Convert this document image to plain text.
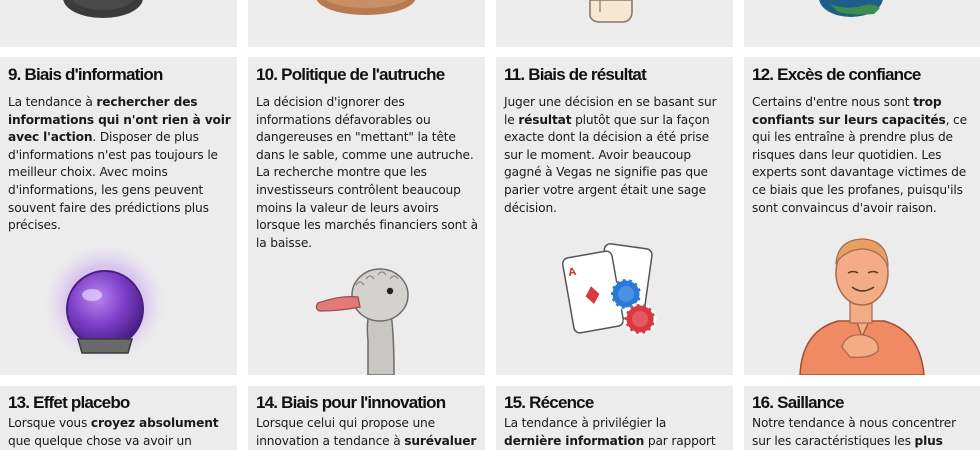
9. Biais d'information
La tendance à rechercher des informations qui n'ont rien à voir avec l'action. Disposer de plus d'informations n'est pas toujours le meilleur choix. Avec moins d'informations, les gens peuvent souvent faire des prédictions plus précises.
10. Politique de l'autruche
La décision d'ignorer des informations défavorables ou dangereuses en "mettant" la tête dans le sable, comme une autruche. La recherche montre que les investisseurs contrôlent beaucoup moins la valeur de leurs avoirs lorsque les marchés financiers sont à la baisse.
11. Biais de résultat
Juger une décision en se basant sur le résultat plutôt que sur la façon exacte dont la décision a été prise sur le moment. Avoir beaucoup gagné à Vegas ne signifie pas que parier votre argent était une sage décision.
A
12. Excès de confiance
Certains d'entre nous sont trop confiants sur leurs capacités, ce qui les entraîne à prendre plus de risques dans leur quotidien. Les experts sont davantage victimes de ce biais que les profanes, puisqu'ils sont convaincus d'avoir raison.
13. Effet placebo
Lorsque vous croyez absolument que quelque chose va avoir un
14. Biais pour l'innovation
Lorsque celui qui propose une innovation a tendance à surévaluer
15. Récence
La tendance à privilégier la dernière information par rapport
16. Saillance
Notre tendance à nous concentrer sur les caractéristiques les plus
